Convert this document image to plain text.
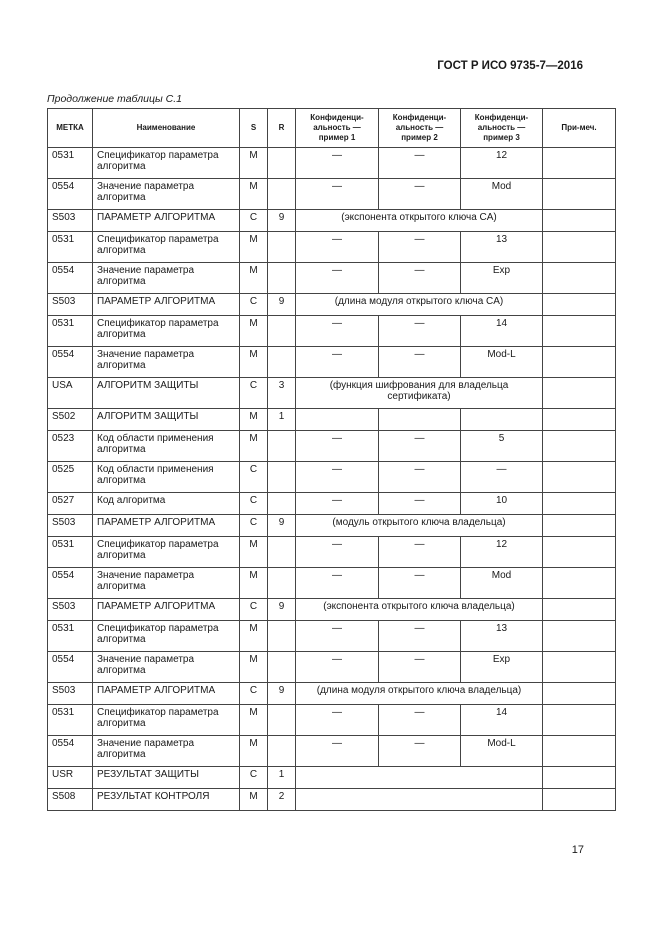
ГОСТ Р ИСО 9735-7—2016
Продолжение таблицы С.1
МЕТКА	Наименование	S	R	Конфиденци-альность — пример 1	Конфиденци-альность — пример 2	Конфиденци-альность — пример 3	При-меч.
0531	Спецификатор параметра алгоритма	M		—	—	12	
0554	Значение параметра алгоритма	M		—	—	Mod	
S503	ПАРАМЕТР АЛГОРИТМА	C	9	(экспонента открытого ключа CA)			
0531	Спецификатор параметра алгоритма	M		—	—	13	
0554	Значение параметра алгоритма	M		—	—	Exp	
S503	ПАРАМЕТР АЛГОРИТМА	C	9	(длина модуля открытого ключа CA)			
0531	Спецификатор параметра алгоритма	M		—	—	14	
0554	Значение параметра алгоритма	M		—	—	Mod-L	
USA	АЛГОРИТМ ЗАЩИТЫ	C	3	(функция шифрования для владельца сертификата)			
S502	АЛГОРИТМ ЗАЩИТЫ	M	1				
0523	Код области применения алгоритма	M		—	—	5	
0525	Код области применения алгоритма	C		—	—	—	
0527	Код алгоритма	C		—	—	10	
S503	ПАРАМЕТР АЛГОРИТМА	C	9	(модуль открытого ключа владельца)			
0531	Спецификатор параметра алгоритма	M		—	—	12	
0554	Значение параметра алгоритма	M		—	—	Mod	
S503	ПАРАМЕТР АЛГОРИТМА	C	9	(экспонента открытого ключа владельца)			
0531	Спецификатор параметра алгоритма	M		—	—	13	
0554	Значение параметра алгоритма	M		—	—	Exp	
S503	ПАРАМЕТР АЛГОРИТМА	C	9	(длина модуля открытого ключа владельца)			
0531	Спецификатор параметра алгоритма	M		—	—	14	
0554	Значение параметра алгоритма	M		—	—	Mod-L	
USR	РЕЗУЛЬТАТ ЗАЩИТЫ	C	1				
S508	РЕЗУЛЬТАТ КОНТРОЛЯ	M	2				
17
